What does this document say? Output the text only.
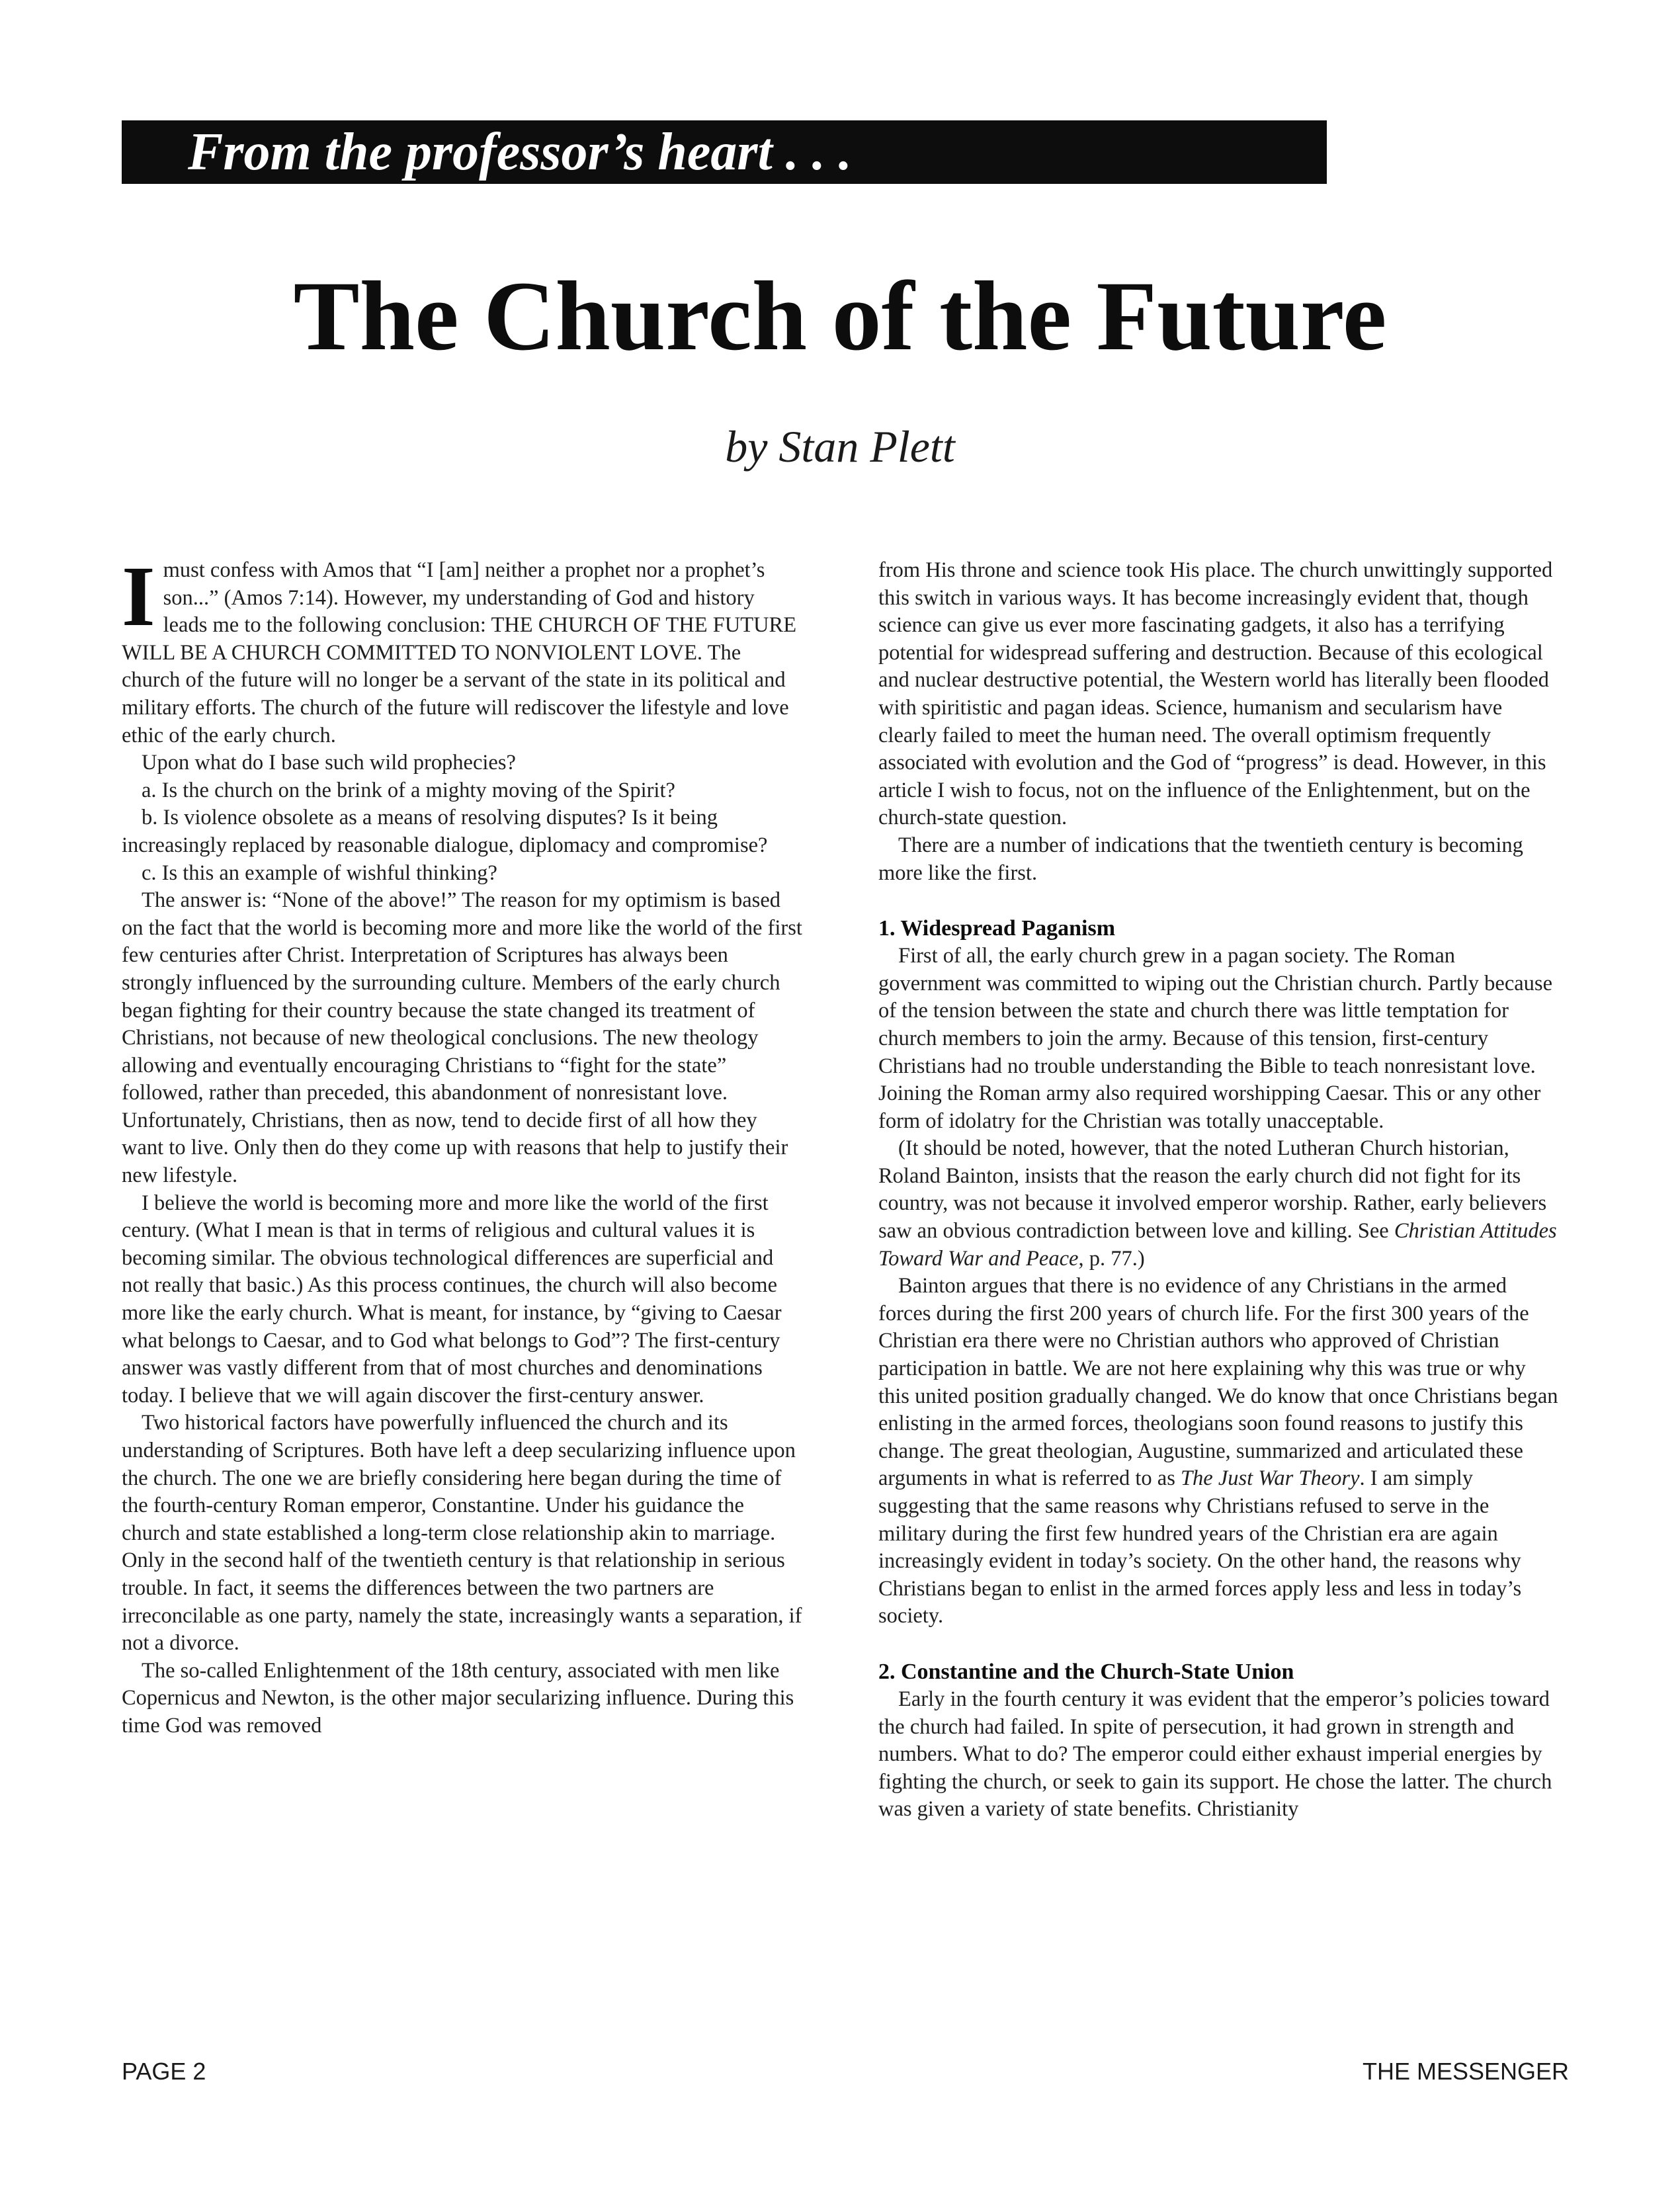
From the professor’s heart . . .
The Church of the Future
by Stan Plett

Imust confess with Amos that “I [am] neither a prophet nor a prophet’s son...” (Amos 7:14). However, my understanding of God and history leads me to the following conclusion: THE CHURCH OF THE FUTURE WILL BE A CHURCH COMMITTED TO NONVIOLENT LOVE. The church of the future will no longer be a servant of the state in its political and military efforts. The church of the future will rediscover the lifestyle and love ethic of the early church.

Upon what do I base such wild prophecies?

a. Is the church on the brink of a mighty moving of the Spirit?

b. Is violence obsolete as a means of resolving disputes? Is it being increasingly replaced by reasonable dialogue, diplomacy and compromise?

c. Is this an example of wishful thinking?

The answer is: “None of the above!” The reason for my optimism is based on the fact that the world is becoming more and more like the world of the first few centuries after Christ. Interpretation of Scriptures has always been strongly influenced by the surrounding culture. Members of the early church began fighting for their country because the state changed its treatment of Christians, not because of new theological conclusions. The new theology allowing and eventually encouraging Christians to “fight for the state” followed, rather than preceded, this abandonment of nonresistant love. Unfortunately, Christians, then as now, tend to decide first of all how they want to live. Only then do they come up with reasons that help to justify their new lifestyle.

I believe the world is becoming more and more like the world of the first century. (What I mean is that in terms of religious and cultural values it is becoming similar. The obvious technological differences are superficial and not really that basic.) As this process continues, the church will also become more like the early church. What is meant, for instance, by “giving to Caesar what belongs to Caesar, and to God what belongs to God”? The first-century answer was vastly different from that of most churches and denominations today. I believe that we will again discover the first-century answer.

Two historical factors have powerfully influenced the church and its understanding of Scriptures. Both have left a deep secularizing influence upon the church. The one we are briefly considering here began during the time of the fourth-century Roman emperor, Constantine. Under his guidance the church and state established a long-term close relationship akin to marriage. Only in the second half of the twentieth century is that relationship in serious trouble. In fact, it seems the differences between the two partners are irreconcilable as one party, namely the state, increasingly wants a separation, if not a divorce.

The so-called Enlightenment of the 18th century, associated with men like Copernicus and Newton, is the other major secularizing influence. During this time God was removed

from His throne and science took His place. The church unwittingly supported this switch in various ways. It has become increasingly evident that, though science can give us ever more fascinating gadgets, it also has a terrifying potential for widespread suffering and destruction. Because of this ecological and nuclear destructive potential, the Western world has literally been flooded with spiritistic and pagan ideas. Science, humanism and secularism have clearly failed to meet the human need. The overall optimism frequently associated with evolution and the God of “progress” is dead. However, in this article I wish to focus, not on the influence of the Enlightenment, but on the church-state question.

There are a number of indications that the twentieth century is becoming more like the first.

1. Widespread Paganism

First of all, the early church grew in a pagan society. The Roman government was committed to wiping out the Christian church. Partly because of the tension between the state and church there was little temptation for church members to join the army. Because of this tension, first-century Christians had no trouble understanding the Bible to teach nonresistant love. Joining the Roman army also required worshipping Caesar. This or any other form of idolatry for the Christian was totally unacceptable.

(It should be noted, however, that the noted Lutheran Church historian, Roland Bainton, insists that the reason the early church did not fight for its country, was not because it involved emperor worship. Rather, early believers saw an obvious contradiction between love and killing. See Christian Attitudes Toward War and Peace, p. 77.)

Bainton argues that there is no evidence of any Christians in the armed forces during the first 200 years of church life. For the first 300 years of the Christian era there were no Christian authors who approved of Christian participation in battle. We are not here explaining why this was true or why this united position gradually changed. We do know that once Christians began enlisting in the armed forces, theologians soon found reasons to justify this change. The great theologian, Augustine, summarized and articulated these arguments in what is referred to as The Just War Theory. I am simply suggesting that the same reasons why Christians refused to serve in the military during the first few hundred years of the Christian era are again increasingly evident in today’s society. On the other hand, the reasons why Christians began to enlist in the armed forces apply less and less in today’s society.

2. Constantine and the Church-State Union

Early in the fourth century it was evident that the emperor’s policies toward the church had failed. In spite of persecution, it had grown in strength and numbers. What to do? The emperor could either exhaust imperial energies by fighting the church, or seek to gain its support. He chose the latter. The church was given a variety of state benefits. Christianity

PAGE 2	THE MESSENGER
